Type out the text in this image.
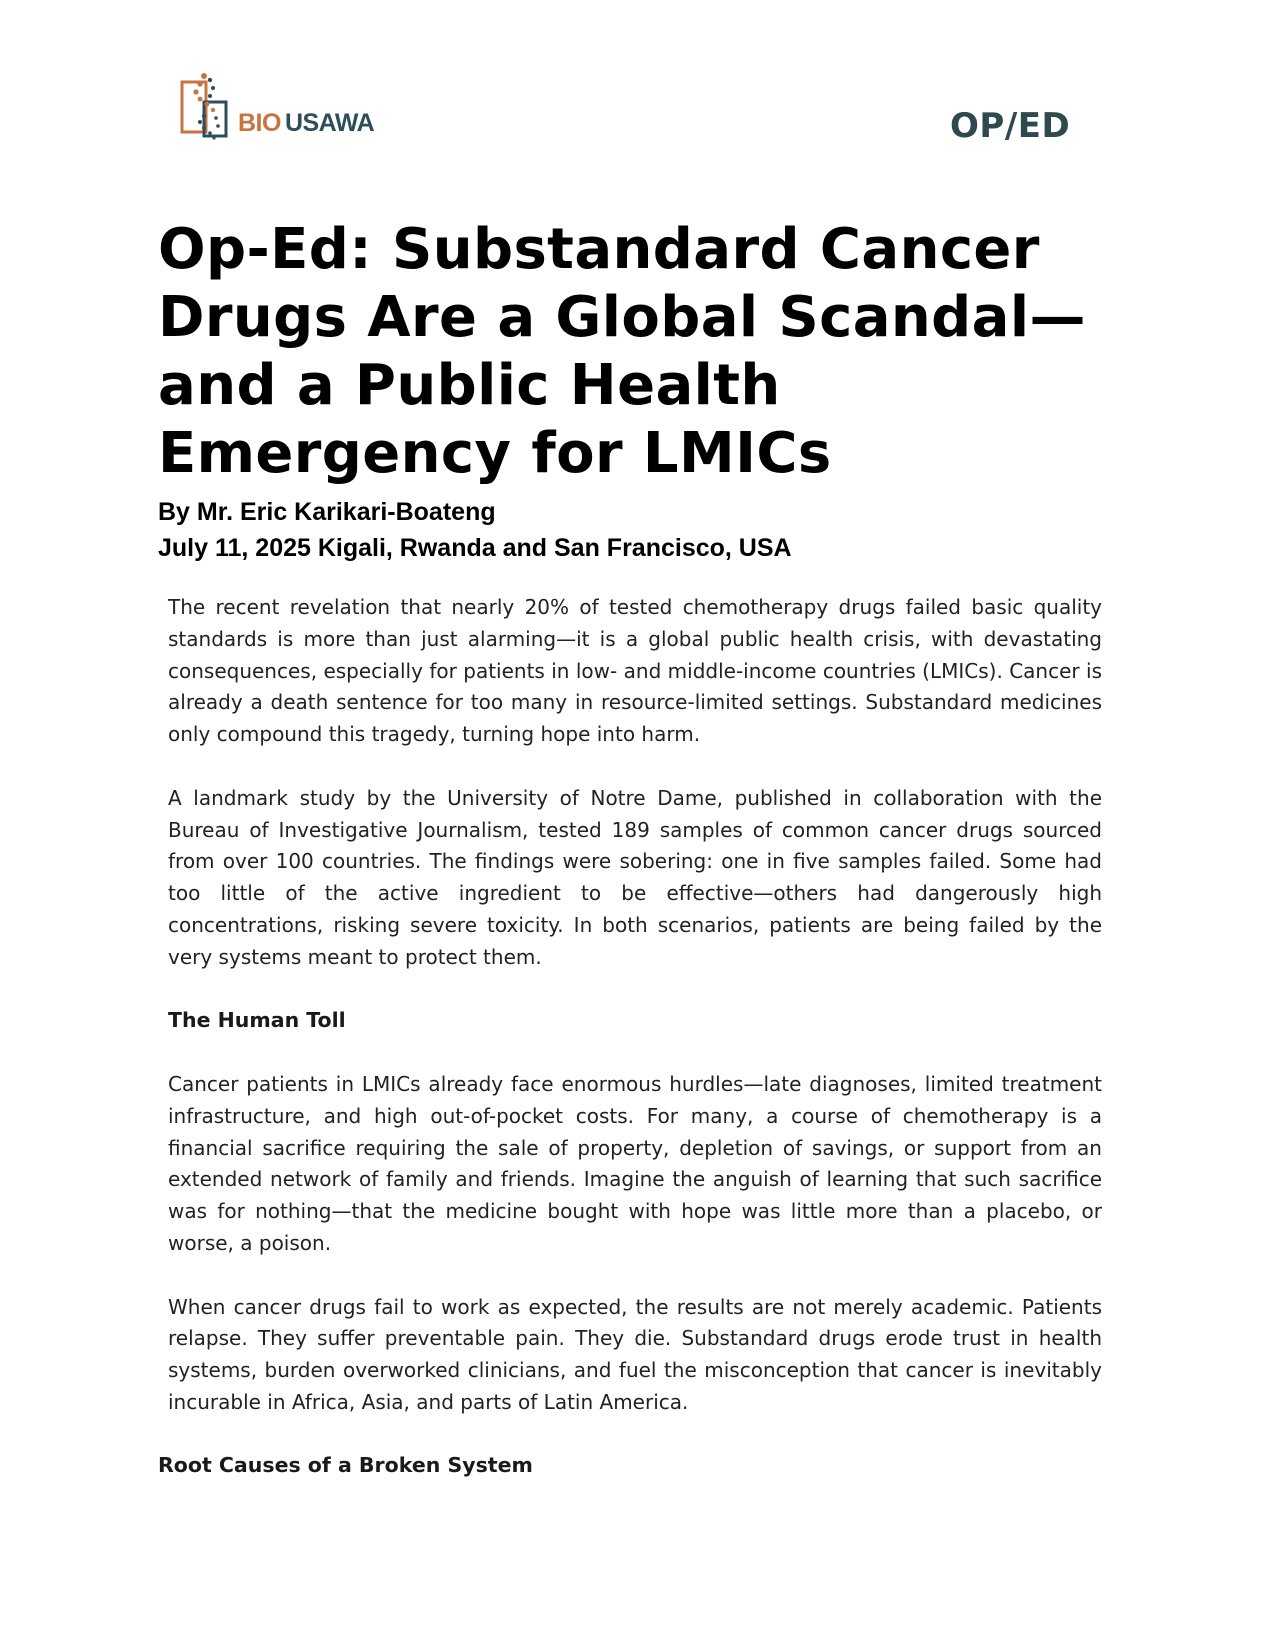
BIO USAWA	OP/ED
Op-Ed: Substandard Cancer Drugs Are a Global Scandal—and a Public Health Emergency for LMICs
By Mr. Eric Karikari-Boateng
July 11, 2025 Kigali, Rwanda and San Francisco, USA

The recent revelation that nearly 20% of tested chemotherapy drugs failed basic quality standards is more than just alarming—it is a global public health crisis, with devastating consequences, especially for patients in low- and middle-income countries (LMICs). Cancer is already a death sentence for too many in resource-limited settings. Substandard medicines only compound this tragedy, turning hope into harm.

A landmark study by the University of Notre Dame, published in collaboration with the Bureau of Investigative Journalism, tested 189 samples of common cancer drugs sourced from over 100 countries. The findings were sobering: one in five samples failed. Some had too little of the active ingredient to be effective—others had dangerously high concentrations, risking severe toxicity. In both scenarios, patients are being failed by the very systems meant to protect them.

The Human Toll

Cancer patients in LMICs already face enormous hurdles—late diagnoses, limited treatment infrastructure, and high out-of-pocket costs. For many, a course of chemotherapy is a financial sacrifice requiring the sale of property, depletion of savings, or support from an extended network of family and friends. Imagine the anguish of learning that such sacrifice was for nothing—that the medicine bought with hope was little more than a placebo, or worse, a poison.

When cancer drugs fail to work as expected, the results are not merely academic. Patients relapse. They suffer preventable pain. They die. Substandard drugs erode trust in health systems, burden overworked clinicians, and fuel the misconception that cancer is inevitably incurable in Africa, Asia, and parts of Latin America.

Root Causes of a Broken System
